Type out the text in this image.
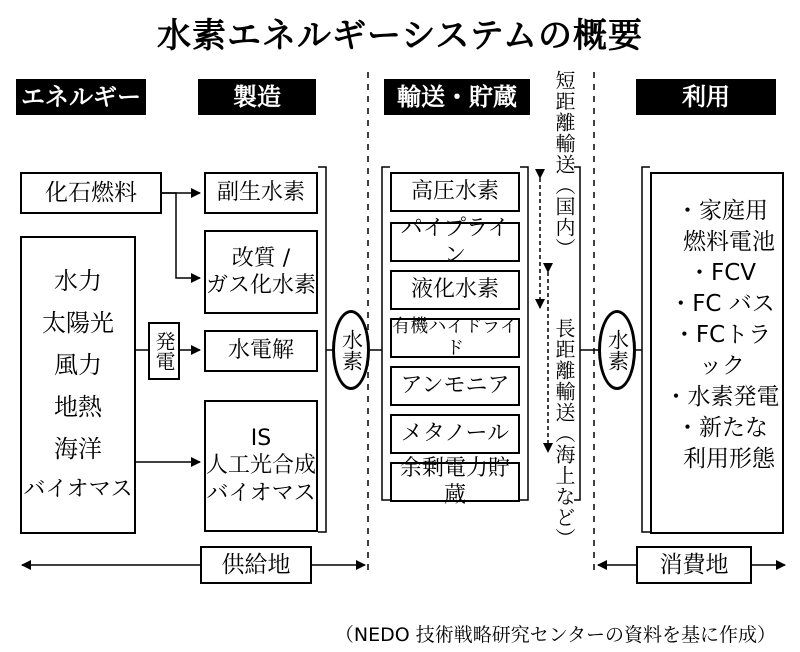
水素エネルギーシステムの概要
エネルギー源
製造	輸送・貯蔵	利用
化石燃料
水力
太陽光
風力
地熱
海洋
バイオマス
発電
副生水素
改質 /
ガス化水素
水電解
IS
人工光合成
バイオマス
水素	水素
高圧水素
パイプライン
液化水素
有機ハイドライド
アンモニア
メタノール
余剰電力貯蔵
短距離輸送（国内）
長距離輸送（海上など）
・家庭用
燃料電池
・FCV
・FC バス
・FCトラック
・水素発電
・新たな
利用形態
供給地	消費地
（NEDO 技術戦略研究センターの資料を基に作成）
